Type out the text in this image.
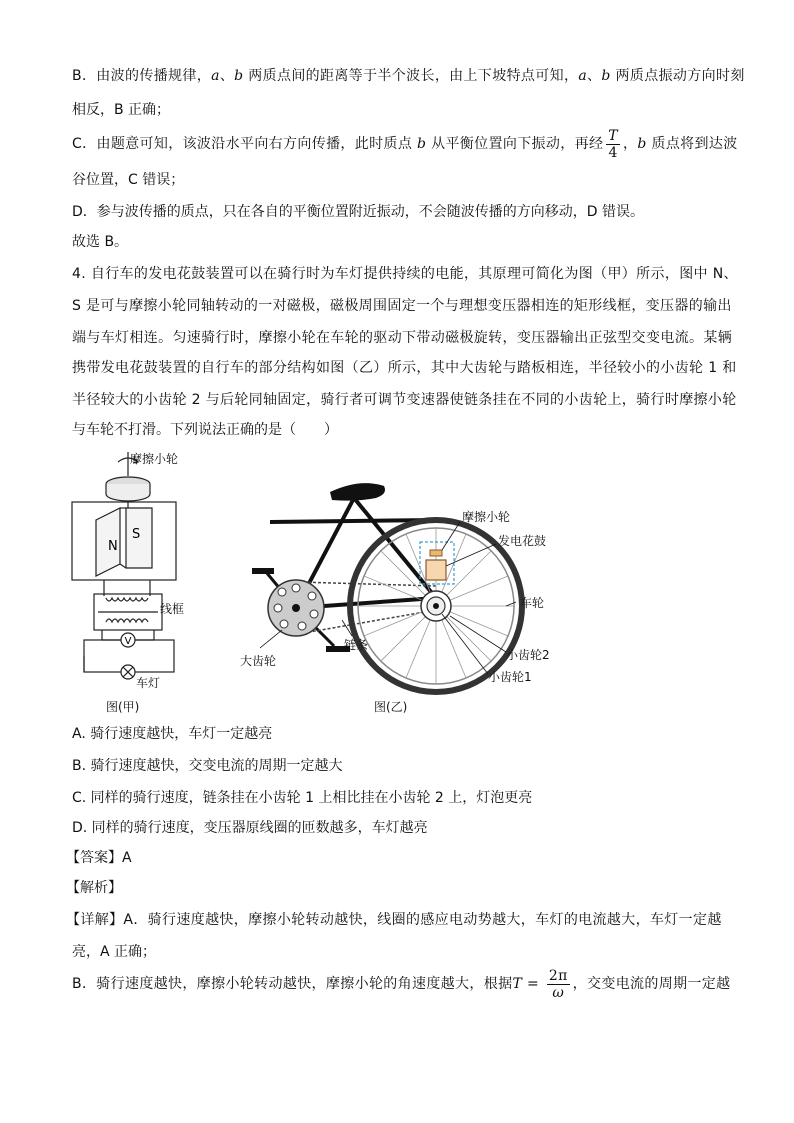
B．由波的传播规律，a、b 两质点间的距离等于半个波长，由上下坡特点可知，a、b 两质点振动方向时刻
相反，B 正确；
C．由题意可知，该波沿水平向右方向传播，此时质点 b 从平衡位置向下振动，再经 $\frac{T}{4}$ ，b 质点将到达波
谷位置，C 错误；
D．参与波传播的质点，只在各自的平衡位置附近振动，不会随波传播的方向移动，D 错误。
故选 B。
4. 自行车的发电花鼓装置可以在骑行时为车灯提供持续的电能，其原理可简化为图（甲）所示，图中 N、
S 是可与摩擦小轮同轴转动的一对磁极，磁极周围固定一个与理想变压器相连的矩形线框，变压器的输出
端与车灯相连。匀速骑行时，摩擦小轮在车轮的驱动下带动磁极旋转，变压器输出正弦型交变电流。某辆
携带发电花鼓装置的自行车的部分结构如图（乙）所示，其中大齿轮与踏板相连，半径较小的小齿轮 1 和
半径较大的小齿轮 2 与后轮同轴固定，骑行者可调节变速器使链条挂在不同的小齿轮上，骑行时摩擦小轮
与车轮不打滑。下列说法正确的是（　　）
V
N
S
摩擦小轮
线框
车灯
图(甲)
摩擦小轮
发电花鼓
车轮
大齿轮
链条
小齿轮2
小齿轮1
图(乙)
A. 骑行速度越快，车灯一定越亮
B. 骑行速度越快，交变电流的周期一定越大
C. 同样的骑行速度，链条挂在小齿轮 1 上相比挂在小齿轮 2 上，灯泡更亮
D. 同样的骑行速度，变压器原线圈的匝数越多，车灯越亮
【答案】A
【解析】
【详解】A．骑行速度越快，摩擦小轮转动越快，线圈的感应电动势越大，车灯的电流越大，车灯一定越
亮，A 正确；
B．骑行速度越快，摩擦小轮转动越快，摩擦小轮的角速度越大，根据$T = \frac{2\pi}{\omega}$ ，交变电流的周期一定越
